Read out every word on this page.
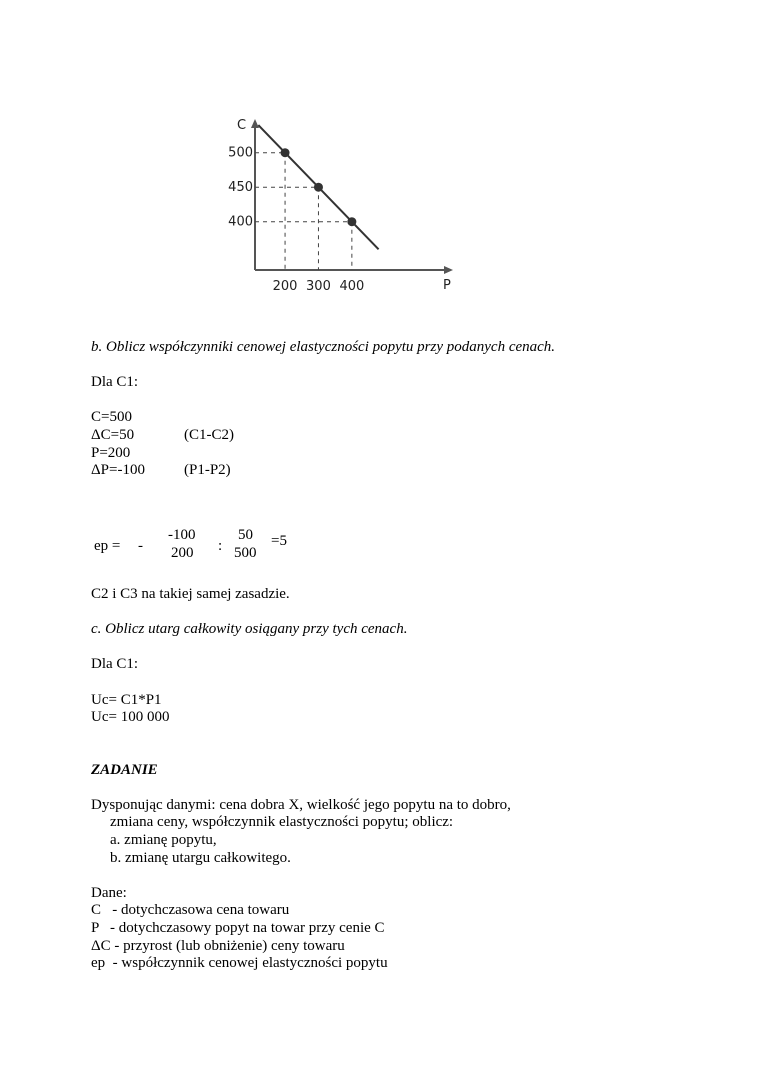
C
P
200 300 400
500
450
400
b. Oblicz współczynniki cenowej elastyczności popytu przy podanych cenach.
Dla C1:
C=500
ΔC=50	(C1-C2)
P=200
ΔP=-100	(P1-P2)
ep = -
-100
200 :
50
500
=5
C2 i C3 na takiej samej zasadzie.
c. Oblicz utarg całkowity osiągany przy tych cenach.
Dla C1:
Uc= C1*P1
Uc= 100 000
ZADANIE
Dysponując danymi: cena dobra X, wielkość jego popytu na to dobro,
zmiana ceny, współczynnik elastyczności popytu; oblicz:
a. zmianę popytu,
b. zmianę utargu całkowitego.
Dane:
C   - dotychczasowa cena towaru
P   - dotychczasowy popyt na towar przy cenie C
ΔC - przyrost (lub obniżenie) ceny towaru
ep  - współczynnik cenowej elastyczności popytu
